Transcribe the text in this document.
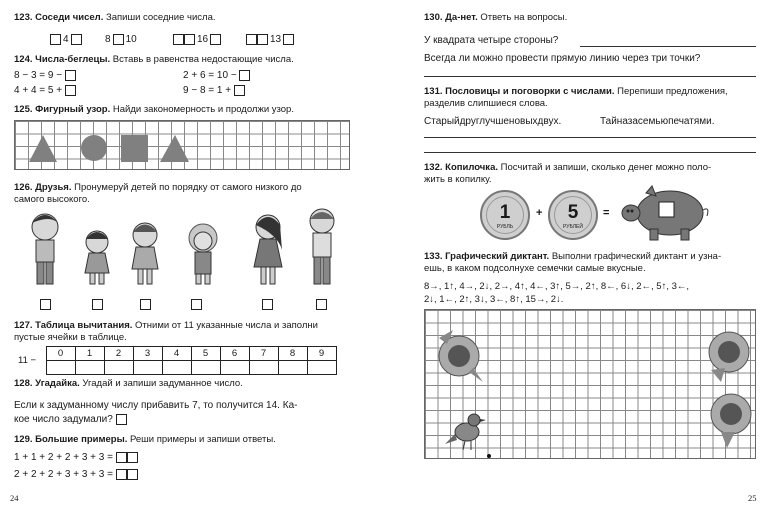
123. Соседи чисел. Запиши соседние числа.
4	8 10	16	13
124. Числа-беглецы. Вставь в равенства недостающие числа.
8 − 3 = 9 −
4 + 4 = 5 +
2 + 6 = 10 −
9 − 8 = 1 +
125. Фигурный узор. Найди закономерность и продолжи узор.
126. Друзья. Пронумеруй детей по порядку от самого низкого до
самого высокого.
127. Таблица вычитания. Отними от 11 указанные числа и заполни
пустые ячейки в таблице.
11 −	0	1	2	3	4	5	6	7	8	9

128. Угадайка. Угадай и запиши задуманное число.
Если к задуманному числу прибавить 7, то получится 14. Ка-
кое число задумали?
129. Большие примеры. Реши примеры и запиши ответы.
1 + 1 + 2 + 2 + 3 + 3 =
2 + 2 + 2 + 3 + 3 + 3 =
24
130. Да-нет. Ответь на вопросы.
У квадрата четыре стороны?
Всегда ли можно провести прямую линию через три точки?
131. Пословицы и поговорки с числами. Перепиши предложения,
разделив слипшиеся слова.
Старыйдруглучшеновыхдвух.	Тайназасемьюпечатями.
132. Копилочка. Посчитай и запиши, сколько денег можно поло-
жить в копилку.
1
РУБЛЬ
+	5
РУБЛЕЙ
=
133. Графический диктант. Выполни графический диктант и узна-
ешь, в каком подсолнухе семечки самые вкусные.
8→, 1↑, 4→, 2↓, 2→, 4↑, 4←, 3↑, 5→, 2↑, 8←, 6↓, 2←, 5↑, 3←,
2↓, 1←, 2↑, 3↓, 3←, 8↑, 15→, 2↓.
25
